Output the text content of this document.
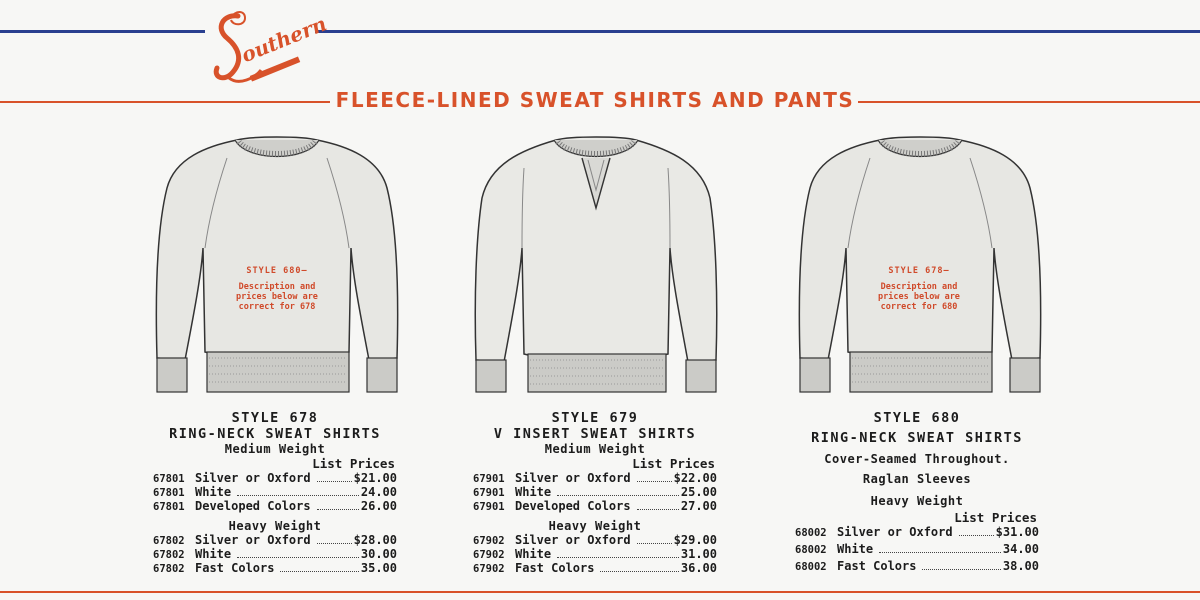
outhern
FLEECE-LINED SWEAT SHIRTS AND PANTS
STYLE 680—
Description and prices below are correct for 678
STYLE 678—
Description and prices below are correct for 680
STYLE 678
RING-NECK SWEAT SHIRTS
Medium Weight
List Prices
67801 Silver or Oxford	$21.00
67801 White	24.00
67801 Developed Colors	26.00
Heavy Weight
67802 Silver or Oxford	$28.00
67802 White	30.00
67802 Fast Colors	35.00
STYLE 679
V INSERT SWEAT SHIRTS
Medium Weight
List Prices
67901 Silver or Oxford	$22.00
67901 White	25.00
67901 Developed Colors	27.00
Heavy Weight
67902 Silver or Oxford	$29.00
67902 White	31.00
67902 Fast Colors	36.00
STYLE 680
RING-NECK SWEAT SHIRTS
Cover-Seamed Throughout.
Raglan Sleeves
Heavy Weight
List Prices
68002 Silver or Oxford	$31.00
68002 White	34.00
68002 Fast Colors	38.00
